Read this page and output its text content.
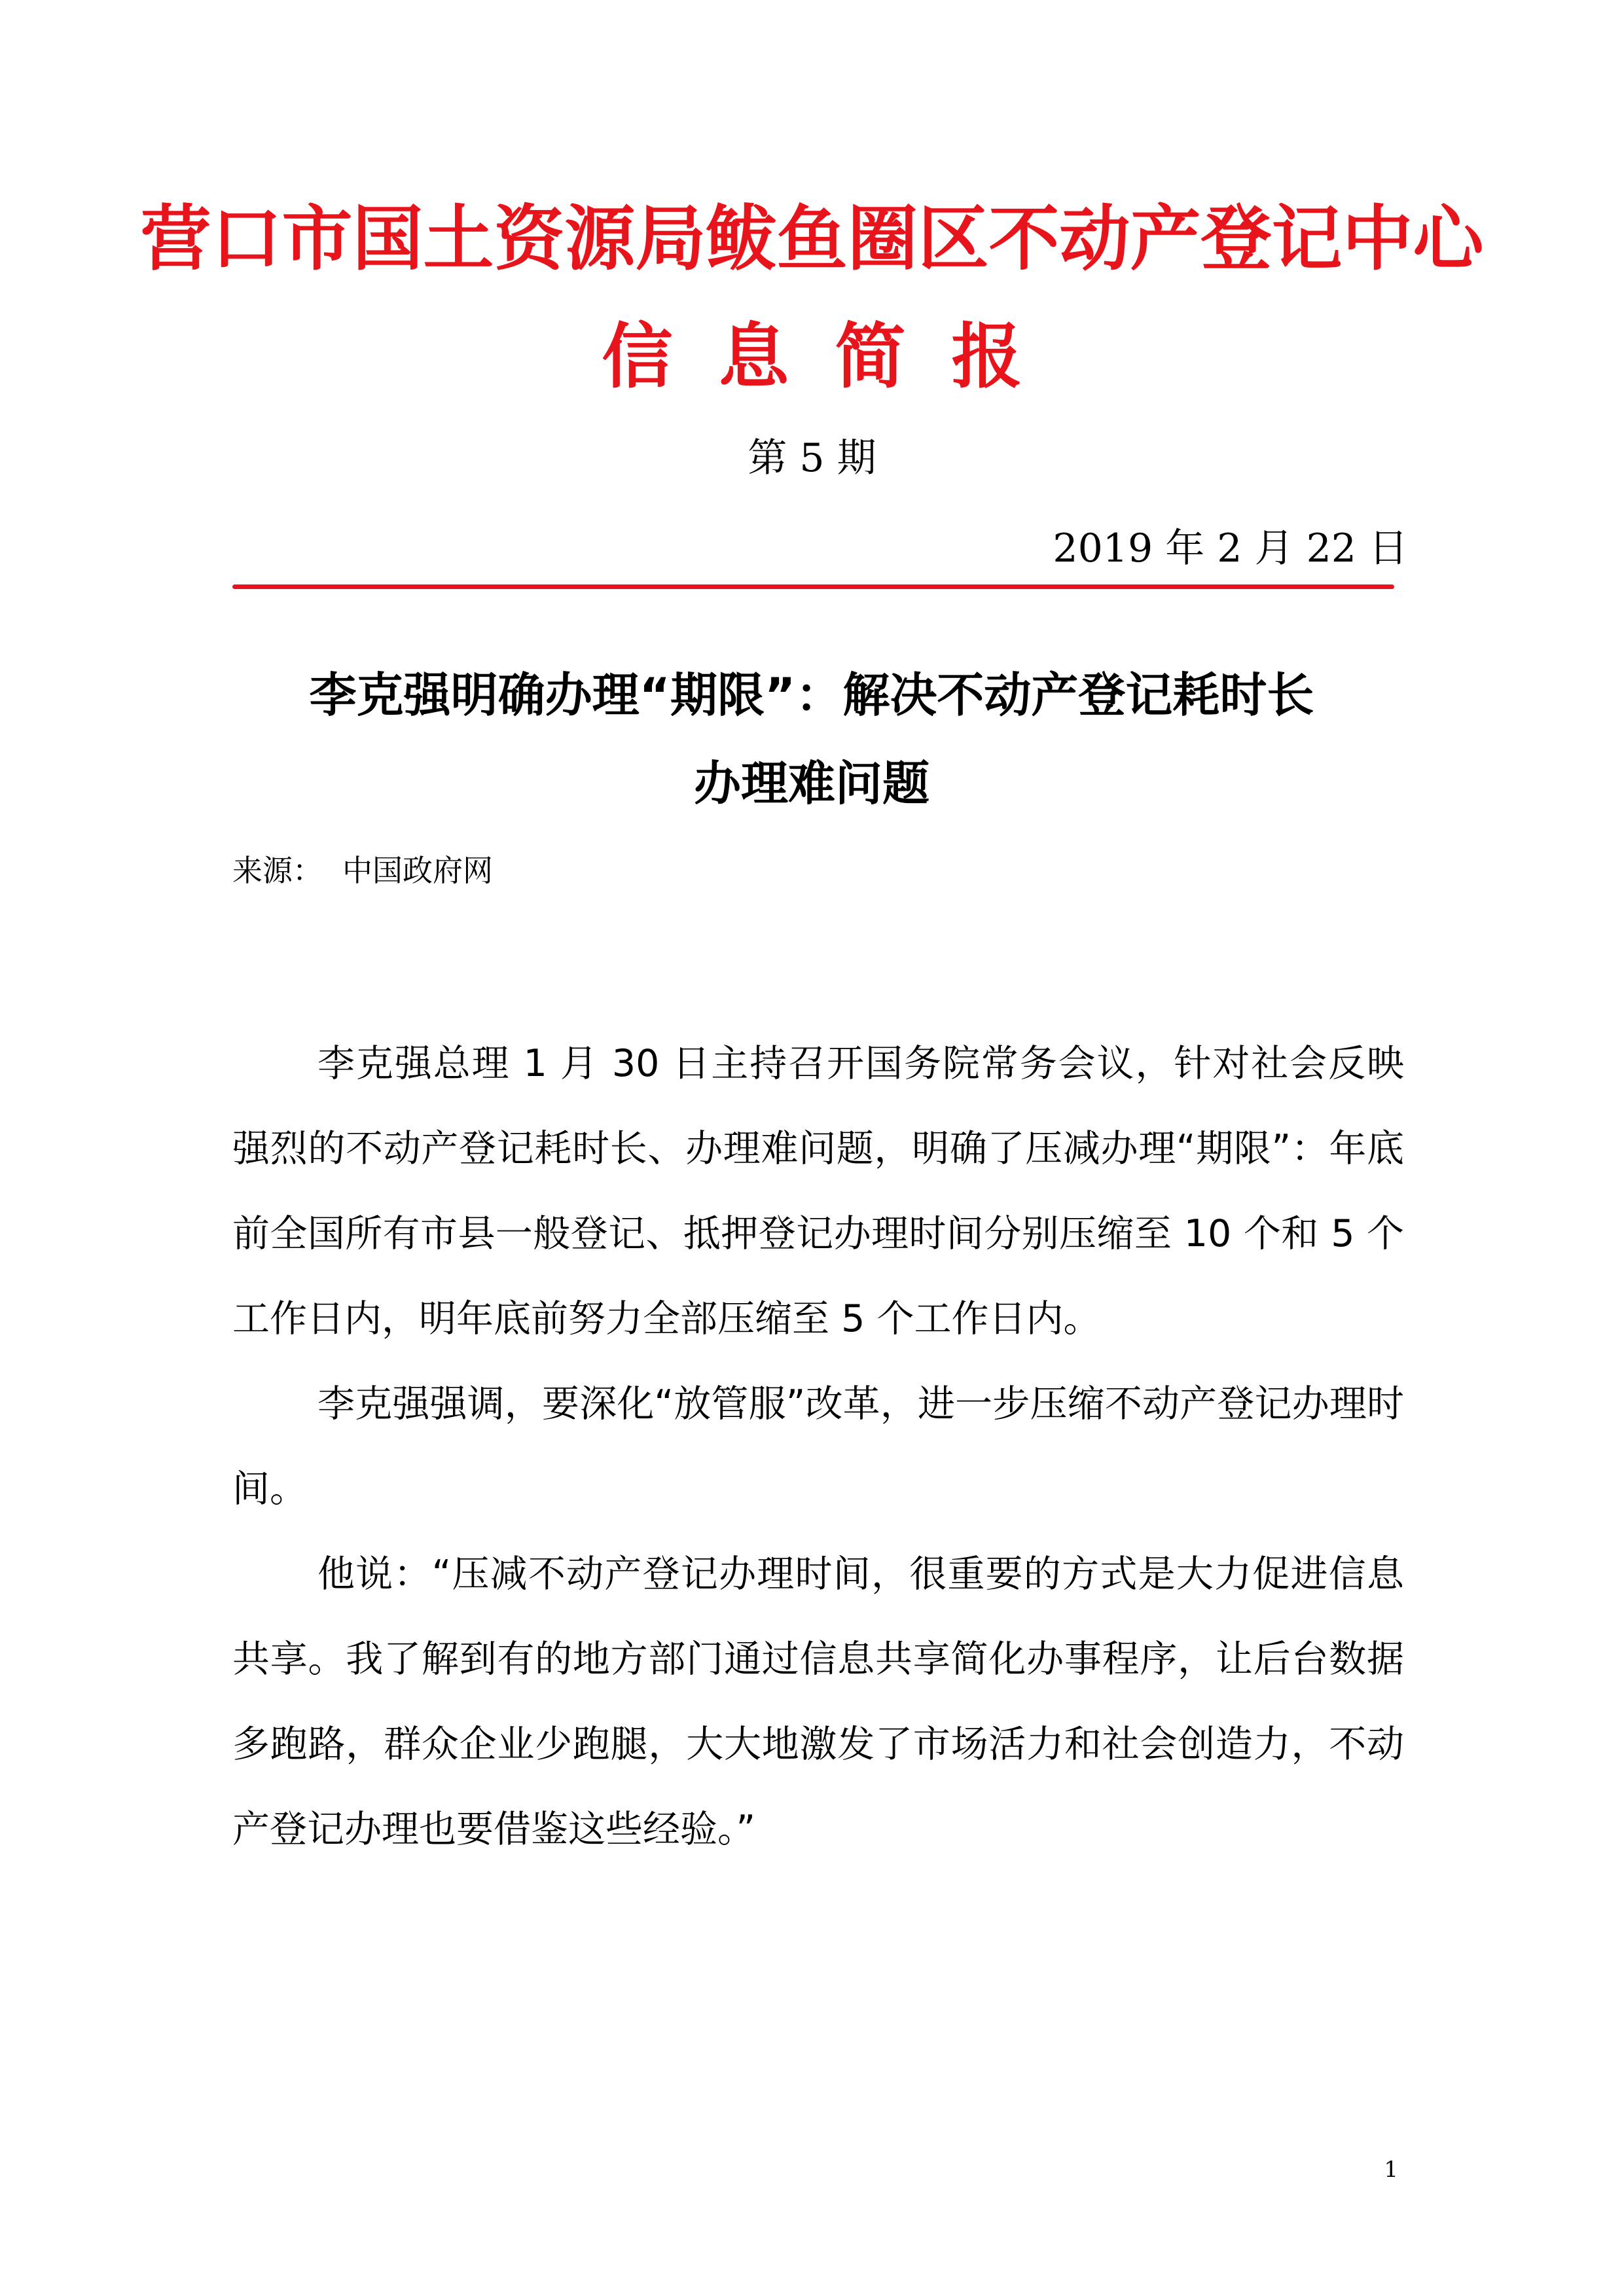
营口市国土资源局鲅鱼圈区不动产登记中心
信息简报
第 5 期
2019 年 2 月 22 日
李克强明确办理“期限”：解决不动产登记耗时长
办理难问题
来源： 中国政府网

李克强总理 1 月 30 日主持召开国务院常务会议，针对社会反映强烈的不动产登记耗时长、办理难问题，明确了压减办理“期限”：年底前全国所有市县一般登记、抵押登记办理时间分别压缩至 10 个和 5 个工作日内，明年底前努力全部压缩至 5 个工作日内。

李克强强调，要深化“放管服”改革，进一步压缩不动产登记办理时间。

他说：“压减不动产登记办理时间，很重要的方式是大力促进信息共享。我了解到有的地方部门通过信息共享简化办事程序，让后台数据多跑路，群众企业少跑腿，大大地激发了市场活力和社会创造力，不动产登记办理也要借鉴这些经验。”

1
